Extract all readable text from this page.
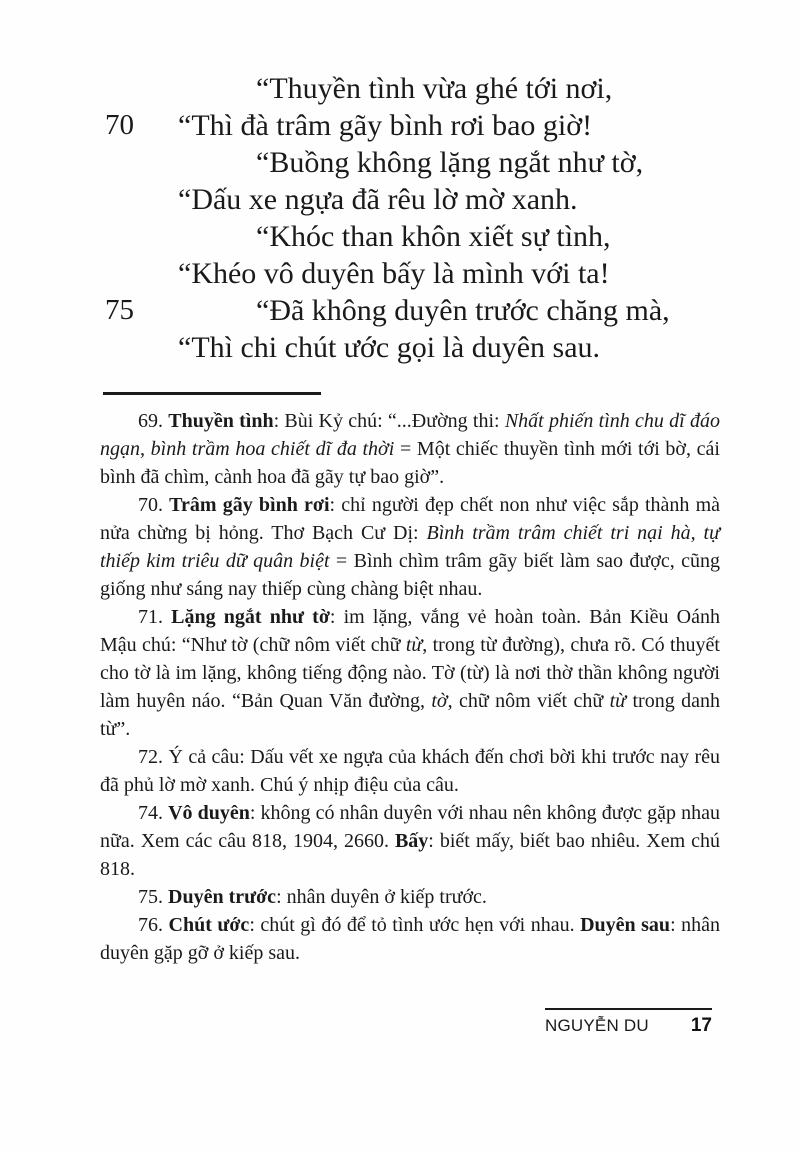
“Thuyền tình vừa ghé tới nơi,
70 “Thì đà trâm gãy bình rơi bao giờ!
“Buồng không lặng ngắt như tờ,
“Dấu xe ngựa đã rêu lờ mờ xanh.
“Khóc than khôn xiết sự tình,
“Khéo vô duyên bấy là mình với ta!
75	“Đã không duyên trước chăng mà,
“Thì chi chút ước gọi là duyên sau.

69. Thuyền tình: Bùi Kỷ chú: “...Đường thi: Nhất phiến tình chu dĩ đáo ngạn, bình trầm hoa chiết dĩ đa thời = Một chiếc thuyền tình mới tới bờ, cái bình đã chìm, cành hoa đã gãy tự bao giờ”.

70. Trâm gãy bình rơi: chỉ người đẹp chết non như việc sắp thành mà nửa chừng bị hỏng. Thơ Bạch Cư Dị: Bình trầm trâm chiết tri nại hà, tự thiếp kim triêu dữ quân biệt = Bình chìm trâm gãy biết làm sao được, cũng giống như sáng nay thiếp cùng chàng biệt nhau.

71. Lặng ngắt như tờ: im lặng, vắng vẻ hoàn toàn. Bản Kiều Oánh Mậu chú: “Như tờ (chữ nôm viết chữ từ, trong từ đường), chưa rõ. Có thuyết cho tờ là im lặng, không tiếng động nào. Tờ (từ) là nơi thờ thần không người làm huyên náo. “Bản Quan Văn đường, tờ, chữ nôm viết chữ từ trong danh từ”.

72. Ý cả câu: Dấu vết xe ngựa của khách đến chơi bời khi trước nay rêu đã phủ lờ mờ xanh. Chú ý nhịp điệu của câu.

74. Vô duyên: không có nhân duyên với nhau nên không được gặp nhau nữa. Xem các câu 818, 1904, 2660. Bấy: biết mấy, biết bao nhiêu. Xem chú 818.

75. Duyên trước: nhân duyên ở kiếp trước.

76. Chút ước: chút gì đó để tỏ tình ước hẹn với nhau. Duyên sau: nhân duyên gặp gỡ ở kiếp sau.

NGUYỄN DU 17
